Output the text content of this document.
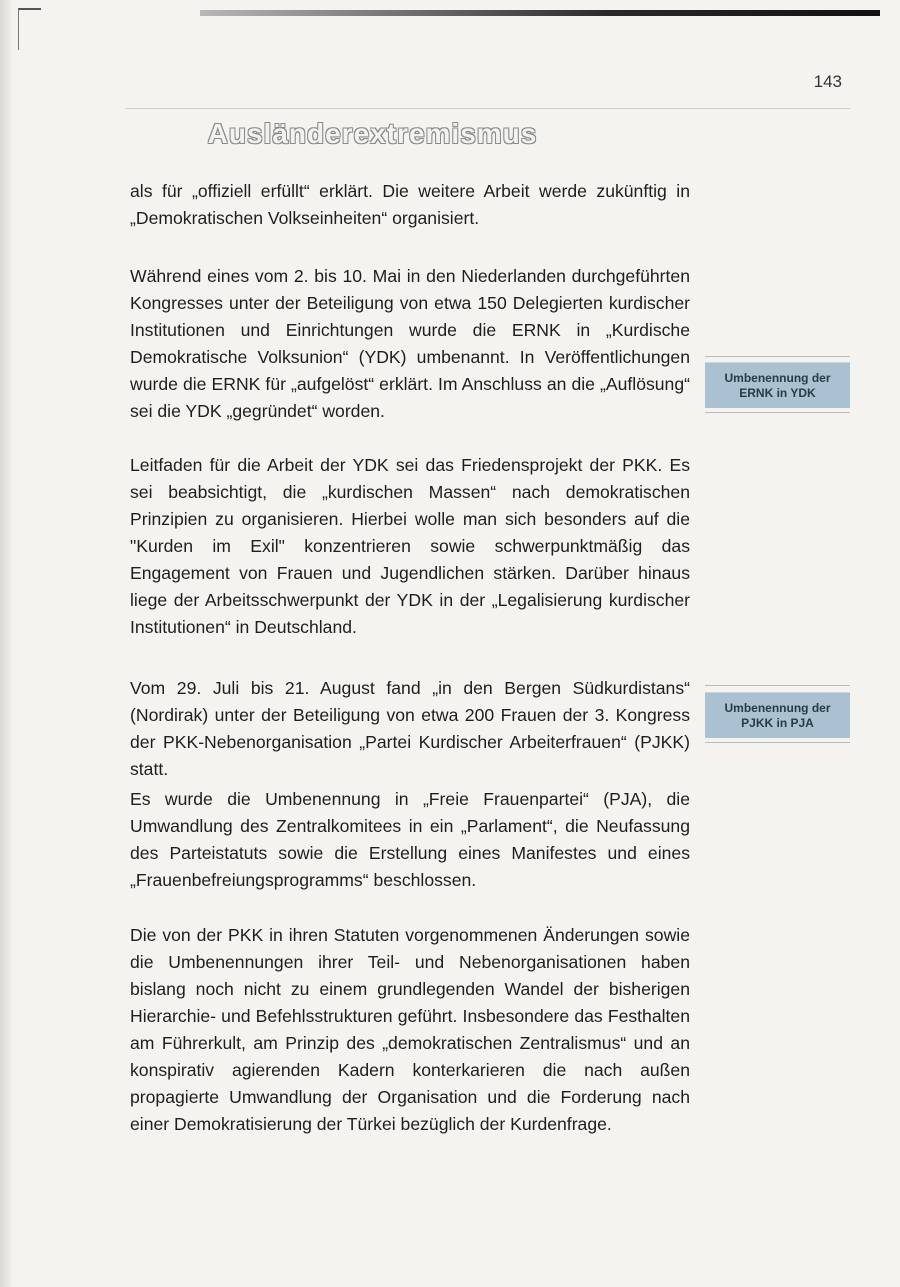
143
Ausländerextremismus

als für „offiziell erfüllt“ erklärt. Die weitere Arbeit werde zukünftig in „Demokratischen Volkseinheiten“ organisiert.

Während eines vom 2. bis 10. Mai in den Niederlanden durchgeführten Kongresses unter der Beteiligung von etwa 150 Delegierten kurdischer Institutionen und Einrichtungen wurde die ERNK in „Kurdische Demokratische Volksunion“ (YDK) umbenannt. In Veröffentlichungen wurde die ERNK für „aufgelöst“ erklärt. Im Anschluss an die „Auflösung“ sei die YDK „gegründet“ worden.

Leitfaden für die Arbeit der YDK sei das Friedensprojekt der PKK. Es sei beabsichtigt, die „kurdischen Massen“ nach demokratischen Prinzipien zu organisieren. Hierbei wolle man sich besonders auf die "Kurden im Exil" konzentrieren sowie schwerpunktmäßig das Engagement von Frauen und Jugendlichen stärken. Darüber hinaus liege der Arbeitsschwerpunkt der YDK in der „Legalisierung kurdischer Institutionen“ in Deutschland.

Vom 29. Juli bis 21. August fand „in den Bergen Südkurdistans“ (Nordirak) unter der Beteiligung von etwa 200 Frauen der 3. Kongress der PKK-Nebenorganisation „Partei Kurdischer Arbeiterfrauen“ (PJKK) statt.

Es wurde die Umbenennung in „Freie Frauenpartei“ (PJA), die Umwandlung des Zentralkomitees in ein „Parlament“, die Neufassung des Parteistatuts sowie die Erstellung eines Manifestes und eines „Frauenbefreiungsprogramms“ beschlossen.

Die von der PKK in ihren Statuten vorgenommenen Änderungen sowie die Umbenennungen ihrer Teil- und Nebenorganisationen haben bislang noch nicht zu einem grundlegenden Wandel der bisherigen Hierarchie- und Befehlsstrukturen geführt. Insbesondere das Festhalten am Führerkult, am Prinzip des „demokratischen Zentralismus“ und an konspirativ agierenden Kadern konterkarieren die nach außen propagierte Umwandlung der Organisation und die Forderung nach einer Demokratisierung der Türkei bezüglich der Kurdenfrage.

Umbenennung der
ERNK in YDK
Umbenennung der
PJKK in PJA
